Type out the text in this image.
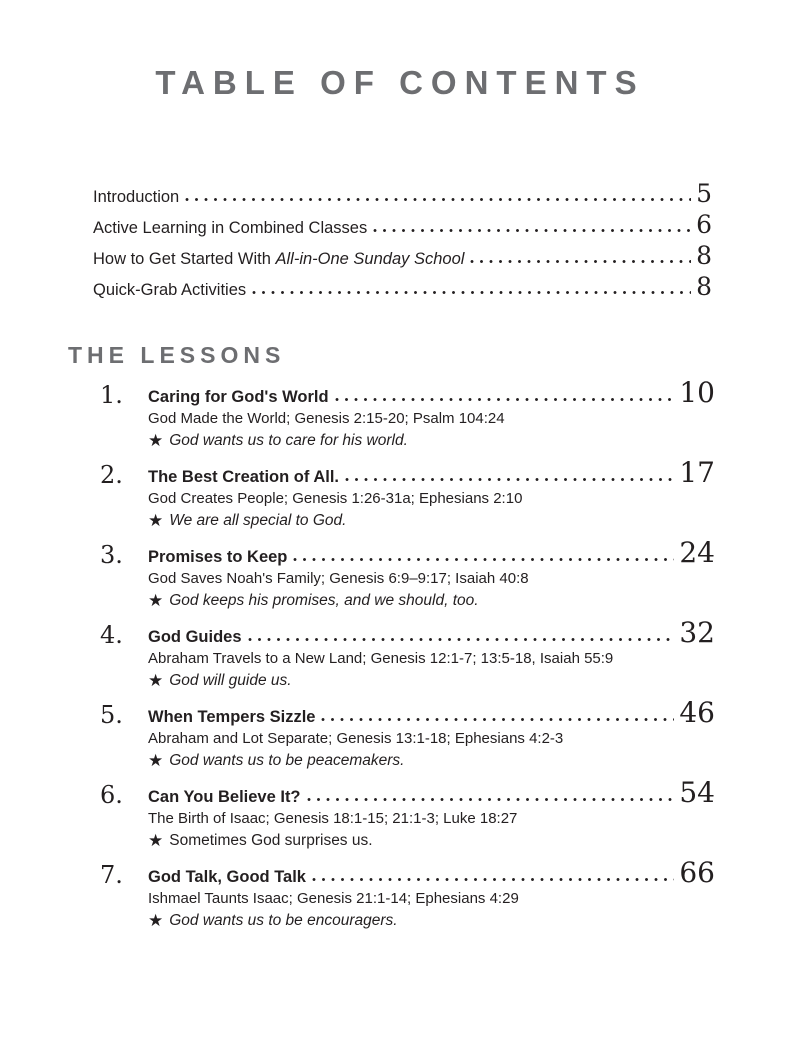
TABLE OF CONTENTS
Introduction	5
Active Learning in Combined Classes	6
How to Get Started With All-in-One Sunday School	8
Quick-Grab Activities	8
THE LESSONS
1.	Caring for God's World	10
God Made the World; Genesis 2:15-20; Psalm 104:24
★ God wants us to care for his world.
2.	The Best Creation of All.	17
God Creates People; Genesis 1:26-31a; Ephesians 2:10
★ We are all special to God.
3.	Promises to Keep	24
God Saves Noah's Family; Genesis 6:9–9:17; Isaiah 40:8
★ God keeps his promises, and we should, too.
4.	God Guides	32
Abraham Travels to a New Land; Genesis 12:1-7; 13:5-18, Isaiah 55:9
★ God will guide us.
5.	When Tempers Sizzle	46
Abraham and Lot Separate; Genesis 13:1-18; Ephesians 4:2-3
★ God wants us to be peacemakers.
6.	Can You Believe It?	54
The Birth of Isaac; Genesis 18:1-15; 21:1-3; Luke 18:27
★ Sometimes God surprises us.
7.	God Talk, Good Talk	66
Ishmael Taunts Isaac; Genesis 21:1-14; Ephesians 4:29
★ God wants us to be encouragers.
